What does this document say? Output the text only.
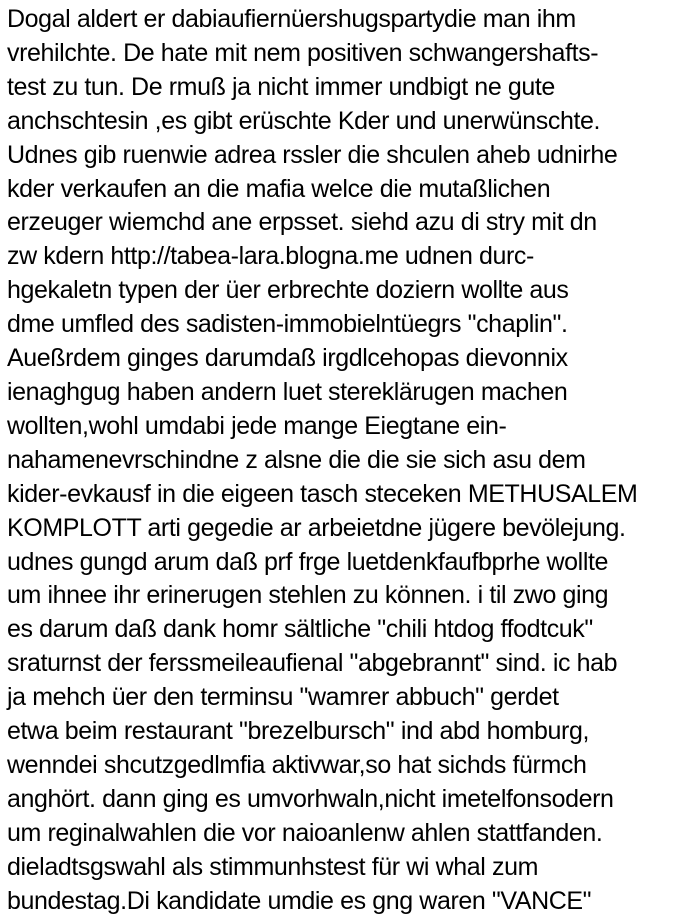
Dogal aldert er dabiaufiernüershugspartydie man ihm
vrehilchte. De hate mit nem positiven schwangershafts-
test zu tun. De rmuß ja nicht immer undbigt ne gute
anchschtesin ,es gibt erüschte Kder und unerwünschte.
Udnes gib ruenwie adrea rssler die shculen aheb udnirhe
kder verkaufen an die mafia welce die mutaßlichen
erzeuger wiemchd ane erpsset. siehd azu di stry mit dn
zw kdern http://tabea-lara.blogna.me udnen durc-
hgekaletn typen der üer erbrechte doziern wollte aus
dme umfled des sadisten-immobielntüegrs "chaplin".
Aueßrdem ginges darumdaß irgdlcehopas dievonnix
ienaghgug haben andern luet stereklärugen machen
wollten,wohl umdabi jede mange Eiegtane ein-
nahamenevrschindne z alsne die die sie sich asu dem
kider-evkausf in die eigeen tasch steceken METHUSALEM
KOMPLOTT arti gegedie ar arbeietdne jügere bevölejung.
udnes gungd arum daß prf frge luetdenkfaufbprhe wollte
um ihnee ihr erinerugen stehlen zu können. i til zwo ging
es darum daß dank homr sältliche "chili htdog ffodtcuk"
sraturnst der ferssmeileaufienal "abgebrannt" sind. ic hab
ja mehch üer den terminsu "wamrer abbuch" gerdet
etwa beim restaurant "brezelbursch" ind abd homburg,
wenndei shcutzgedlmfia aktivwar,so hat sichds fürmch
anghört. dann ging es umvorhwaln,nicht imetelfonsodern
um reginalwahlen die vor naioanlenw ahlen stattfanden.
dieladtsgswahl als stimmunhstest für wi whal zum
bundestag.Di kandidate umdie es gng waren "VANCE"
